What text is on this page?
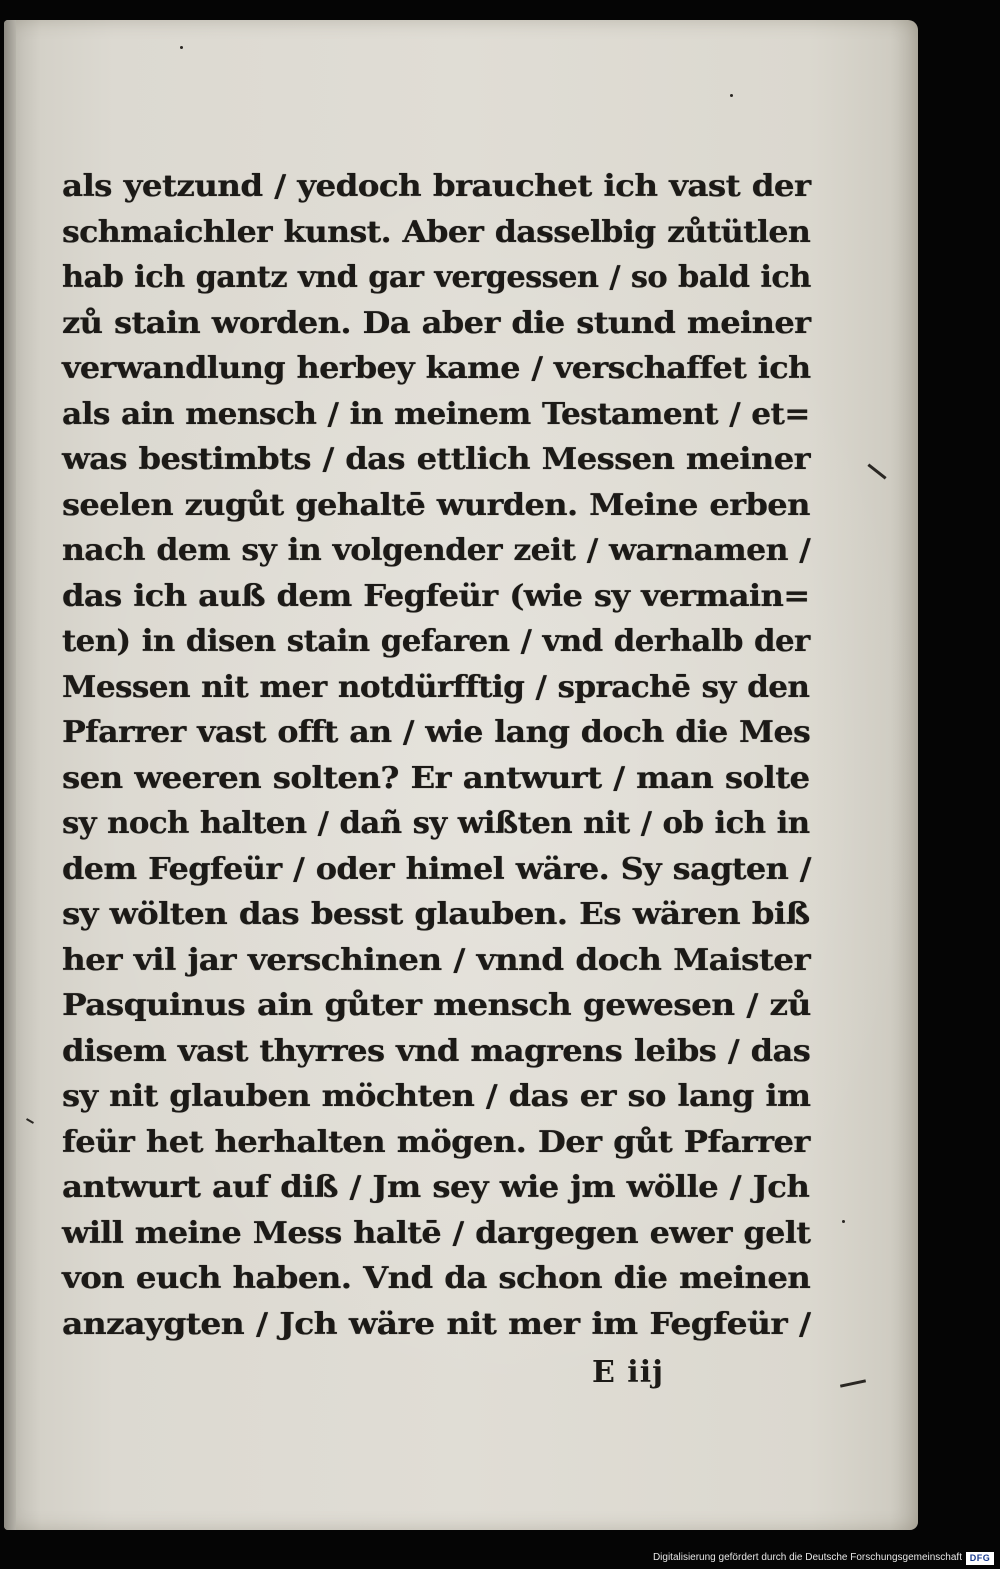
als yetzund / yedoch brauchet ich vast der
schmaichler kunst. Aber dasselbig zůtütlen
hab ich gantz vnd gar vergessen / so bald ich
zů stain worden. Da aber die stund meiner
verwandlung herbey kame / verschaffet ich
als ain mensch / in meinem Testament / et=
was bestimbts / das ettlich Messen meiner
seelen zugůt gehaltē wurden. Meine erben
nach dem sy in volgender zeit / warnamen /
das ich auß dem Fegfeür (wie sy vermain=
ten) in disen stain gefaren / vnd derhalb der
Messen nit mer notdürfftig / sprachē sy den
Pfarrer vast offt an / wie lang doch die Mes
sen weeren solten? Er antwurt / man solte
sy noch halten / dañ sy wißten nit / ob ich in
dem Fegfeür / oder himel wäre. Sy sagten /
sy wölten das besst glauben. Es wären biß
her vil jar verschinen / vnnd doch Maister
Pasquinus ain gůter mensch gewesen / zů
disem vast thyrres vnd magrens leibs / das
sy nit glauben möchten / das er so lang im
feür het herhalten mögen. Der gůt Pfarrer
antwurt auf diß / Jm sey wie jm wölle / Jch
will meine Mess haltē / dargegen ewer gelt
von euch haben. Vnd da schon die meinen
anzaygten / Jch wäre nit mer im Fegfeür /
E iij
Digitalisierung gefördert durch die Deutsche Forschungsgemeinschaft DFG
